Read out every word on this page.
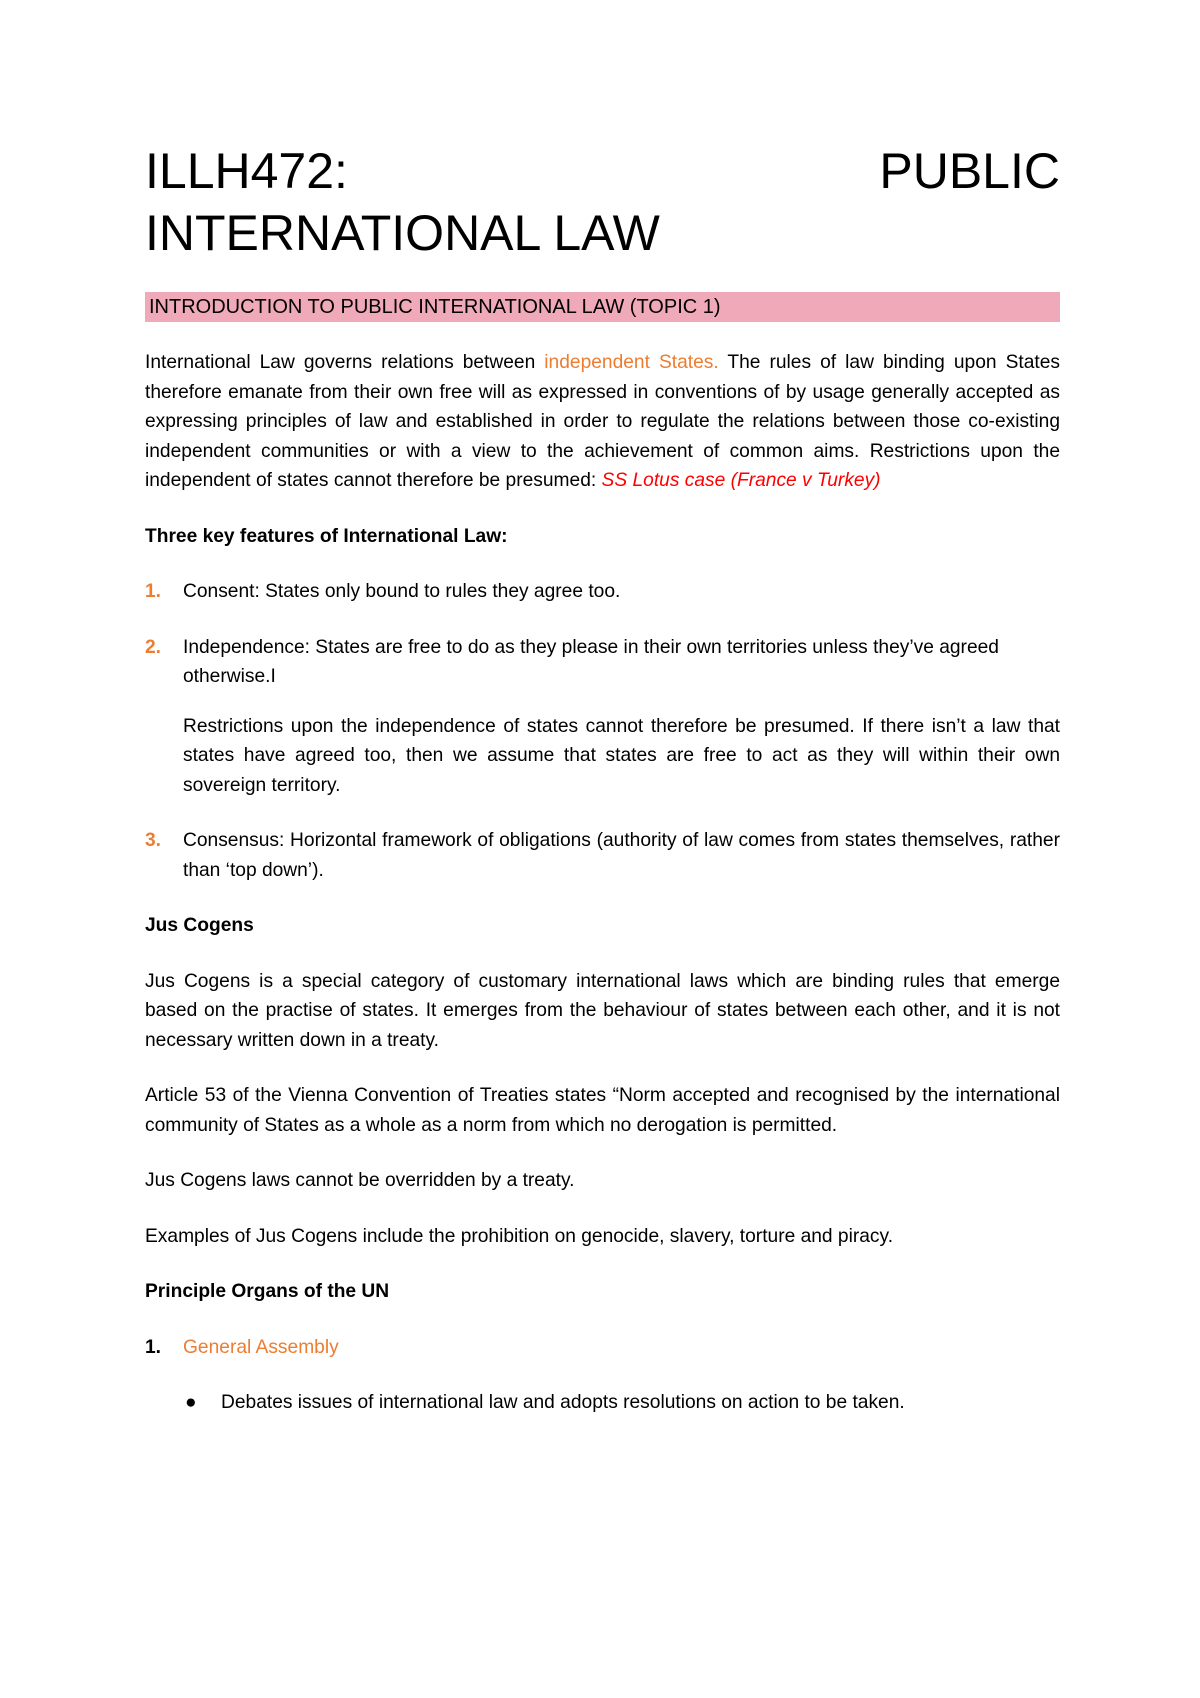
ILLH472:	PUBLIC
INTERNATIONAL LAW
INTRODUCTION TO PUBLIC INTERNATIONAL LAW (TOPIC 1)

International Law governs relations between independent States. The rules of law binding upon States therefore emanate from their own free will as expressed in conventions of by usage generally accepted as expressing principles of law and established in order to regulate the relations between those co-existing independent communities or with a view to the achievement of common aims. Restrictions upon the independent of states cannot therefore be presumed: SS Lotus case (France v Turkey)

Three key features of International Law:

1.	Consent: States only bound to rules they agree too.

2.	Independence: States are free to do as they please in their own territories unless they’ve agreed otherwise.I

Restrictions upon the independence of states cannot therefore be presumed. If there isn’t a law that states have agreed too, then we assume that states are free to act as they will within their own sovereign territory.

3.	Consensus: Horizontal framework of obligations (authority of law comes from states themselves, rather than ‘top down’).

Jus Cogens

Jus Cogens is a special category of customary international laws which are binding rules that emerge based on the practise of states. It emerges from the behaviour of states between each other, and it is not necessary written down in a treaty.

Article 53 of the Vienna Convention of Treaties states “Norm accepted and recognised by the international community of States as a whole as a norm from which no derogation is permitted.

Jus Cogens laws cannot be overridden by a treaty.

Examples of Jus Cogens include the prohibition on genocide, slavery, torture and piracy.

Principle Organs of the UN

1.	General Assembly

●	Debates issues of international law and adopts resolutions on action to be taken.
